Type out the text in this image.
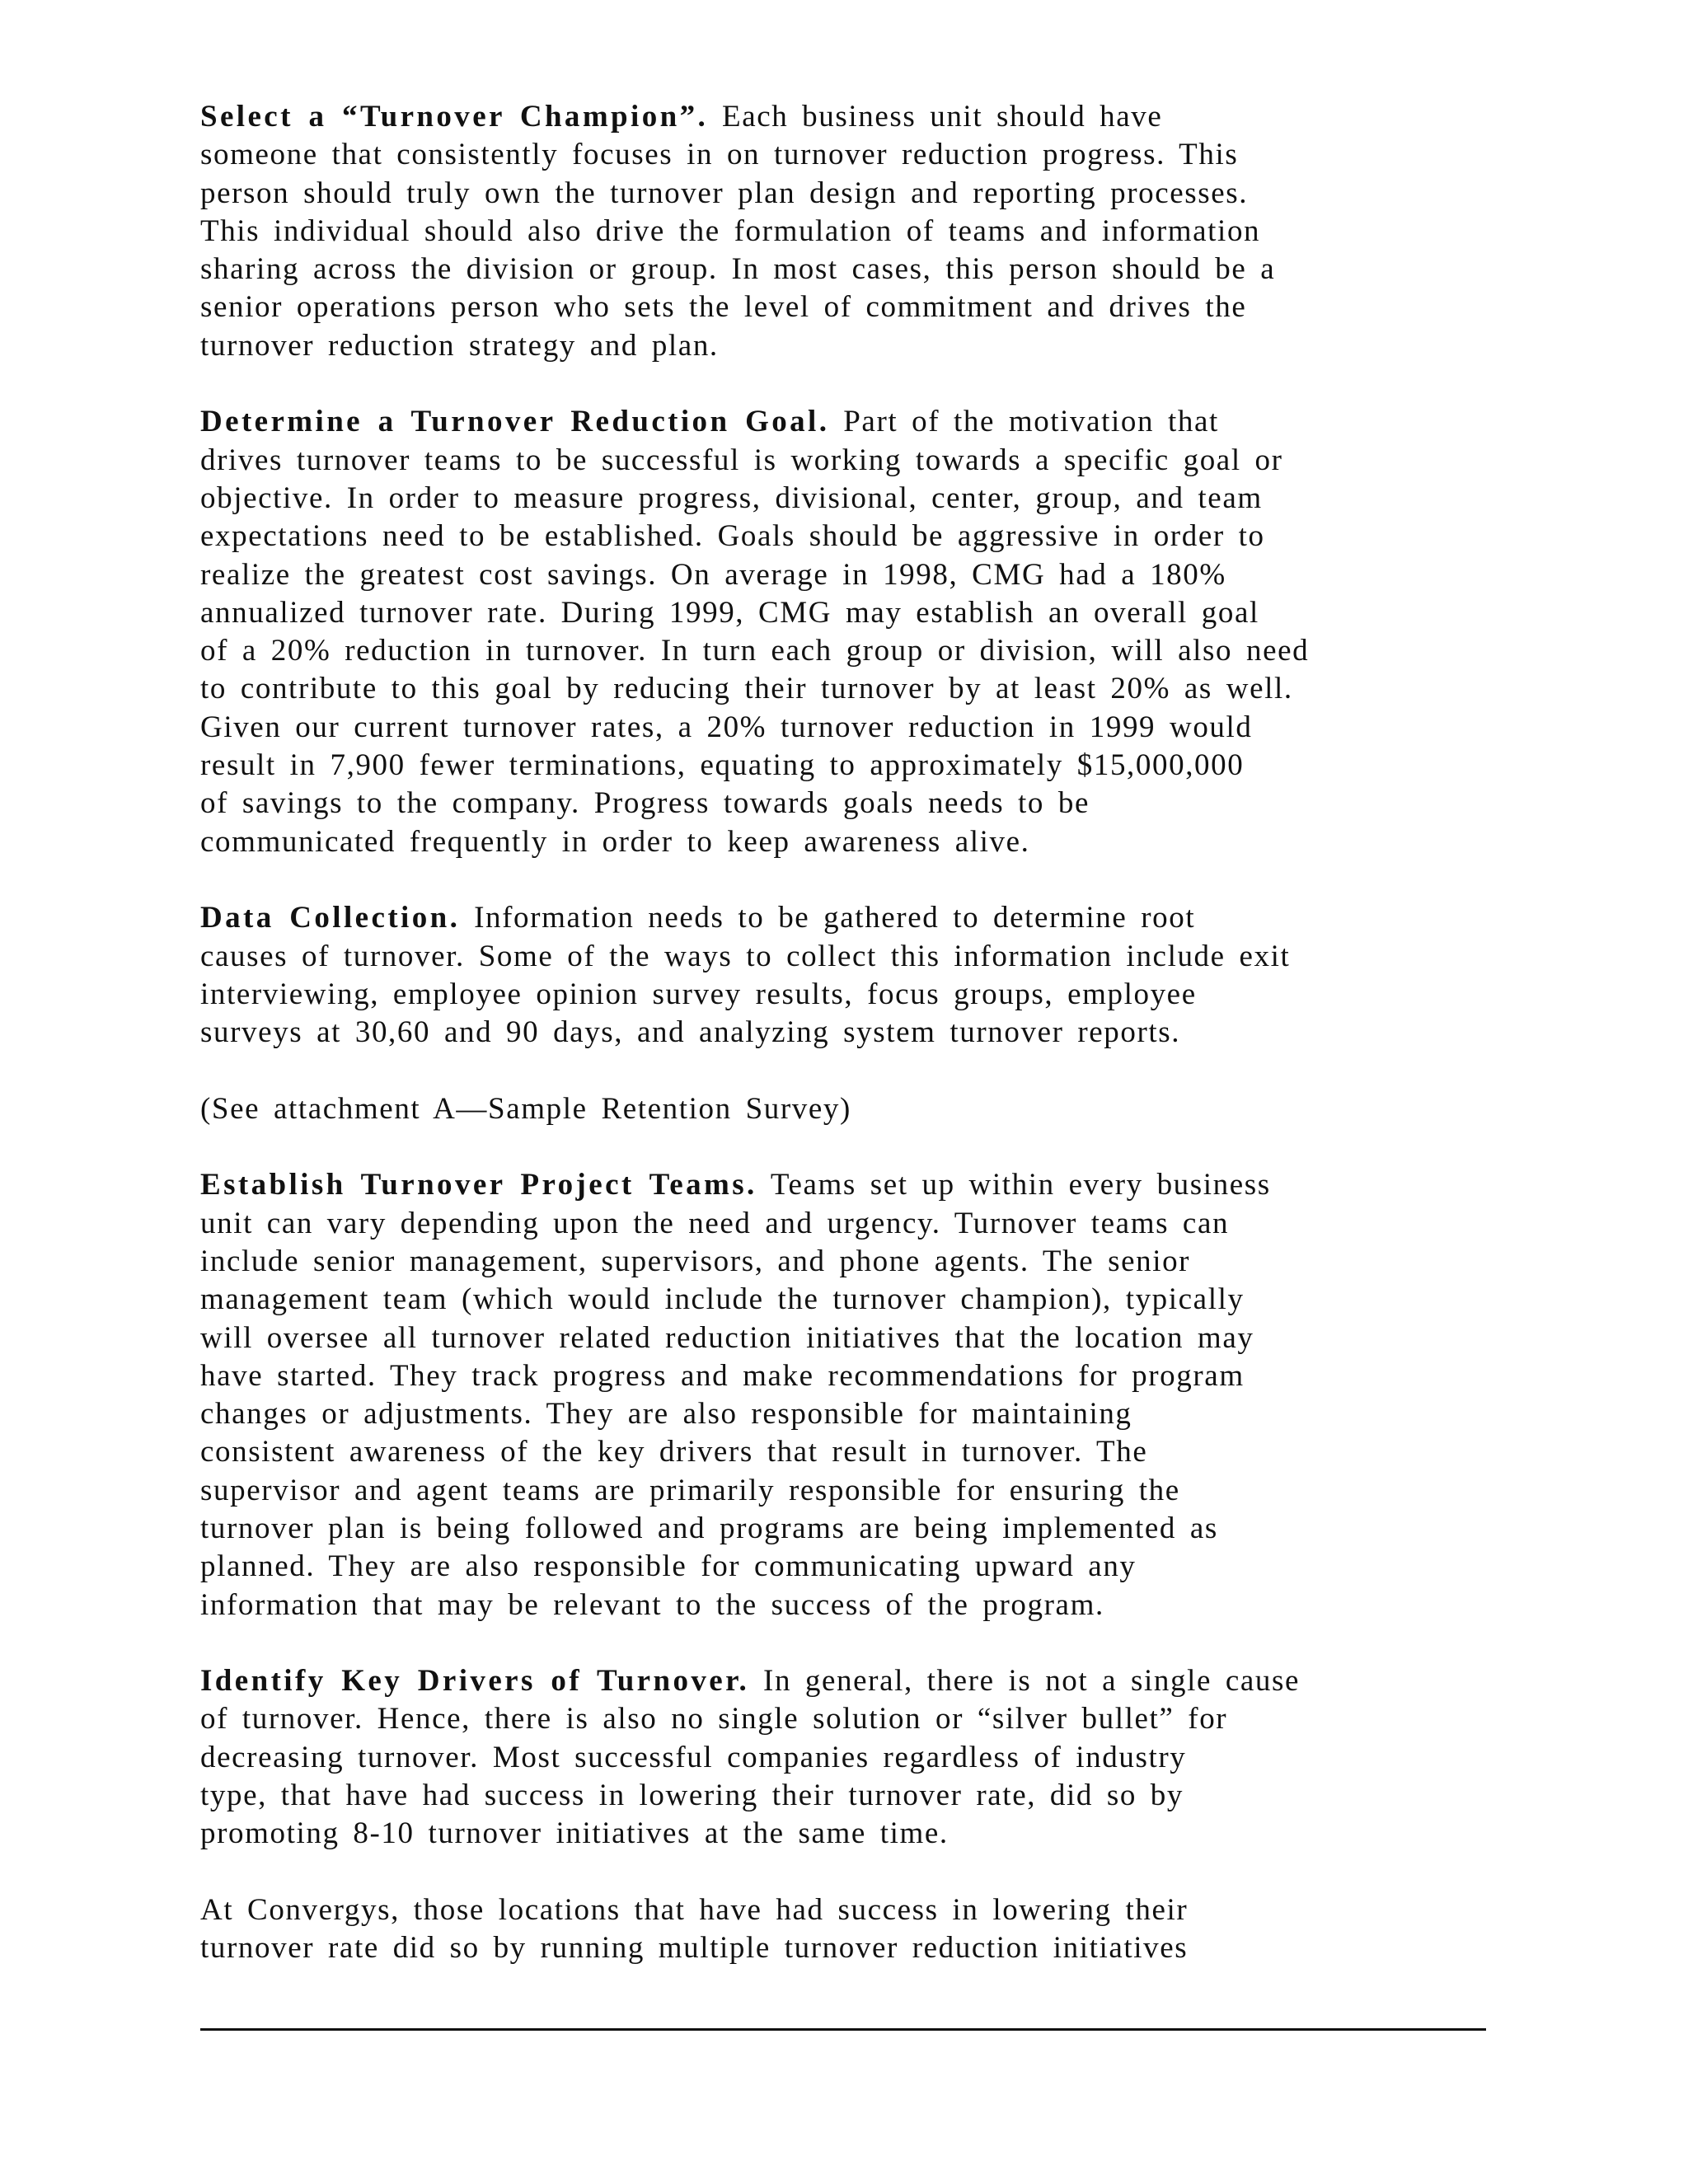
Select a “Turnover Champion”. Each business unit should have
someone that consistently focuses in on turnover reduction progress. This
person should truly own the turnover plan design and reporting processes.
This individual should also drive the formulation of teams and information
sharing across the division or group. In most cases, this person should be a
senior operations person who sets the level of commitment and drives the
turnover reduction strategy and plan.

Determine a Turnover Reduction Goal. Part of the motivation that
drives turnover teams to be successful is working towards a specific goal or
objective. In order to measure progress, divisional, center, group, and team
expectations need to be established. Goals should be aggressive in order to
realize the greatest cost savings. On average in 1998, CMG had a 180%
annualized turnover rate. During 1999, CMG may establish an overall goal
of a 20% reduction in turnover. In turn each group or division, will also need
to contribute to this goal by reducing their turnover by at least 20% as well.
Given our current turnover rates, a 20% turnover reduction in 1999 would
result in 7,900 fewer terminations, equating to approximately $15,000,000
of savings to the company. Progress towards goals needs to be
communicated frequently in order to keep awareness alive.

Data Collection. Information needs to be gathered to determine root
causes of turnover. Some of the ways to collect this information include exit
interviewing, employee opinion survey results, focus groups, employee
surveys at 30,60 and 90 days, and analyzing system turnover reports.

(See attachment A—Sample Retention Survey)

Establish Turnover Project Teams. Teams set up within every business
unit can vary depending upon the need and urgency. Turnover teams can
include senior management, supervisors, and phone agents. The senior
management team (which would include the turnover champion), typically
will oversee all turnover related reduction initiatives that the location may
have started. They track progress and make recommendations for program
changes or adjustments. They are also responsible for maintaining
consistent awareness of the key drivers that result in turnover. The
supervisor and agent teams are primarily responsible for ensuring the
turnover plan is being followed and programs are being implemented as
planned. They are also responsible for communicating upward any
information that may be relevant to the success of the program.

Identify Key Drivers of Turnover. In general, there is not a single cause
of turnover. Hence, there is also no single solution or “silver bullet” for
decreasing turnover. Most successful companies regardless of industry
type, that have had success in lowering their turnover rate, did so by
promoting 8-10 turnover initiatives at the same time.

At Convergys, those locations that have had success in lowering their
turnover rate did so by running multiple turnover reduction initiatives
